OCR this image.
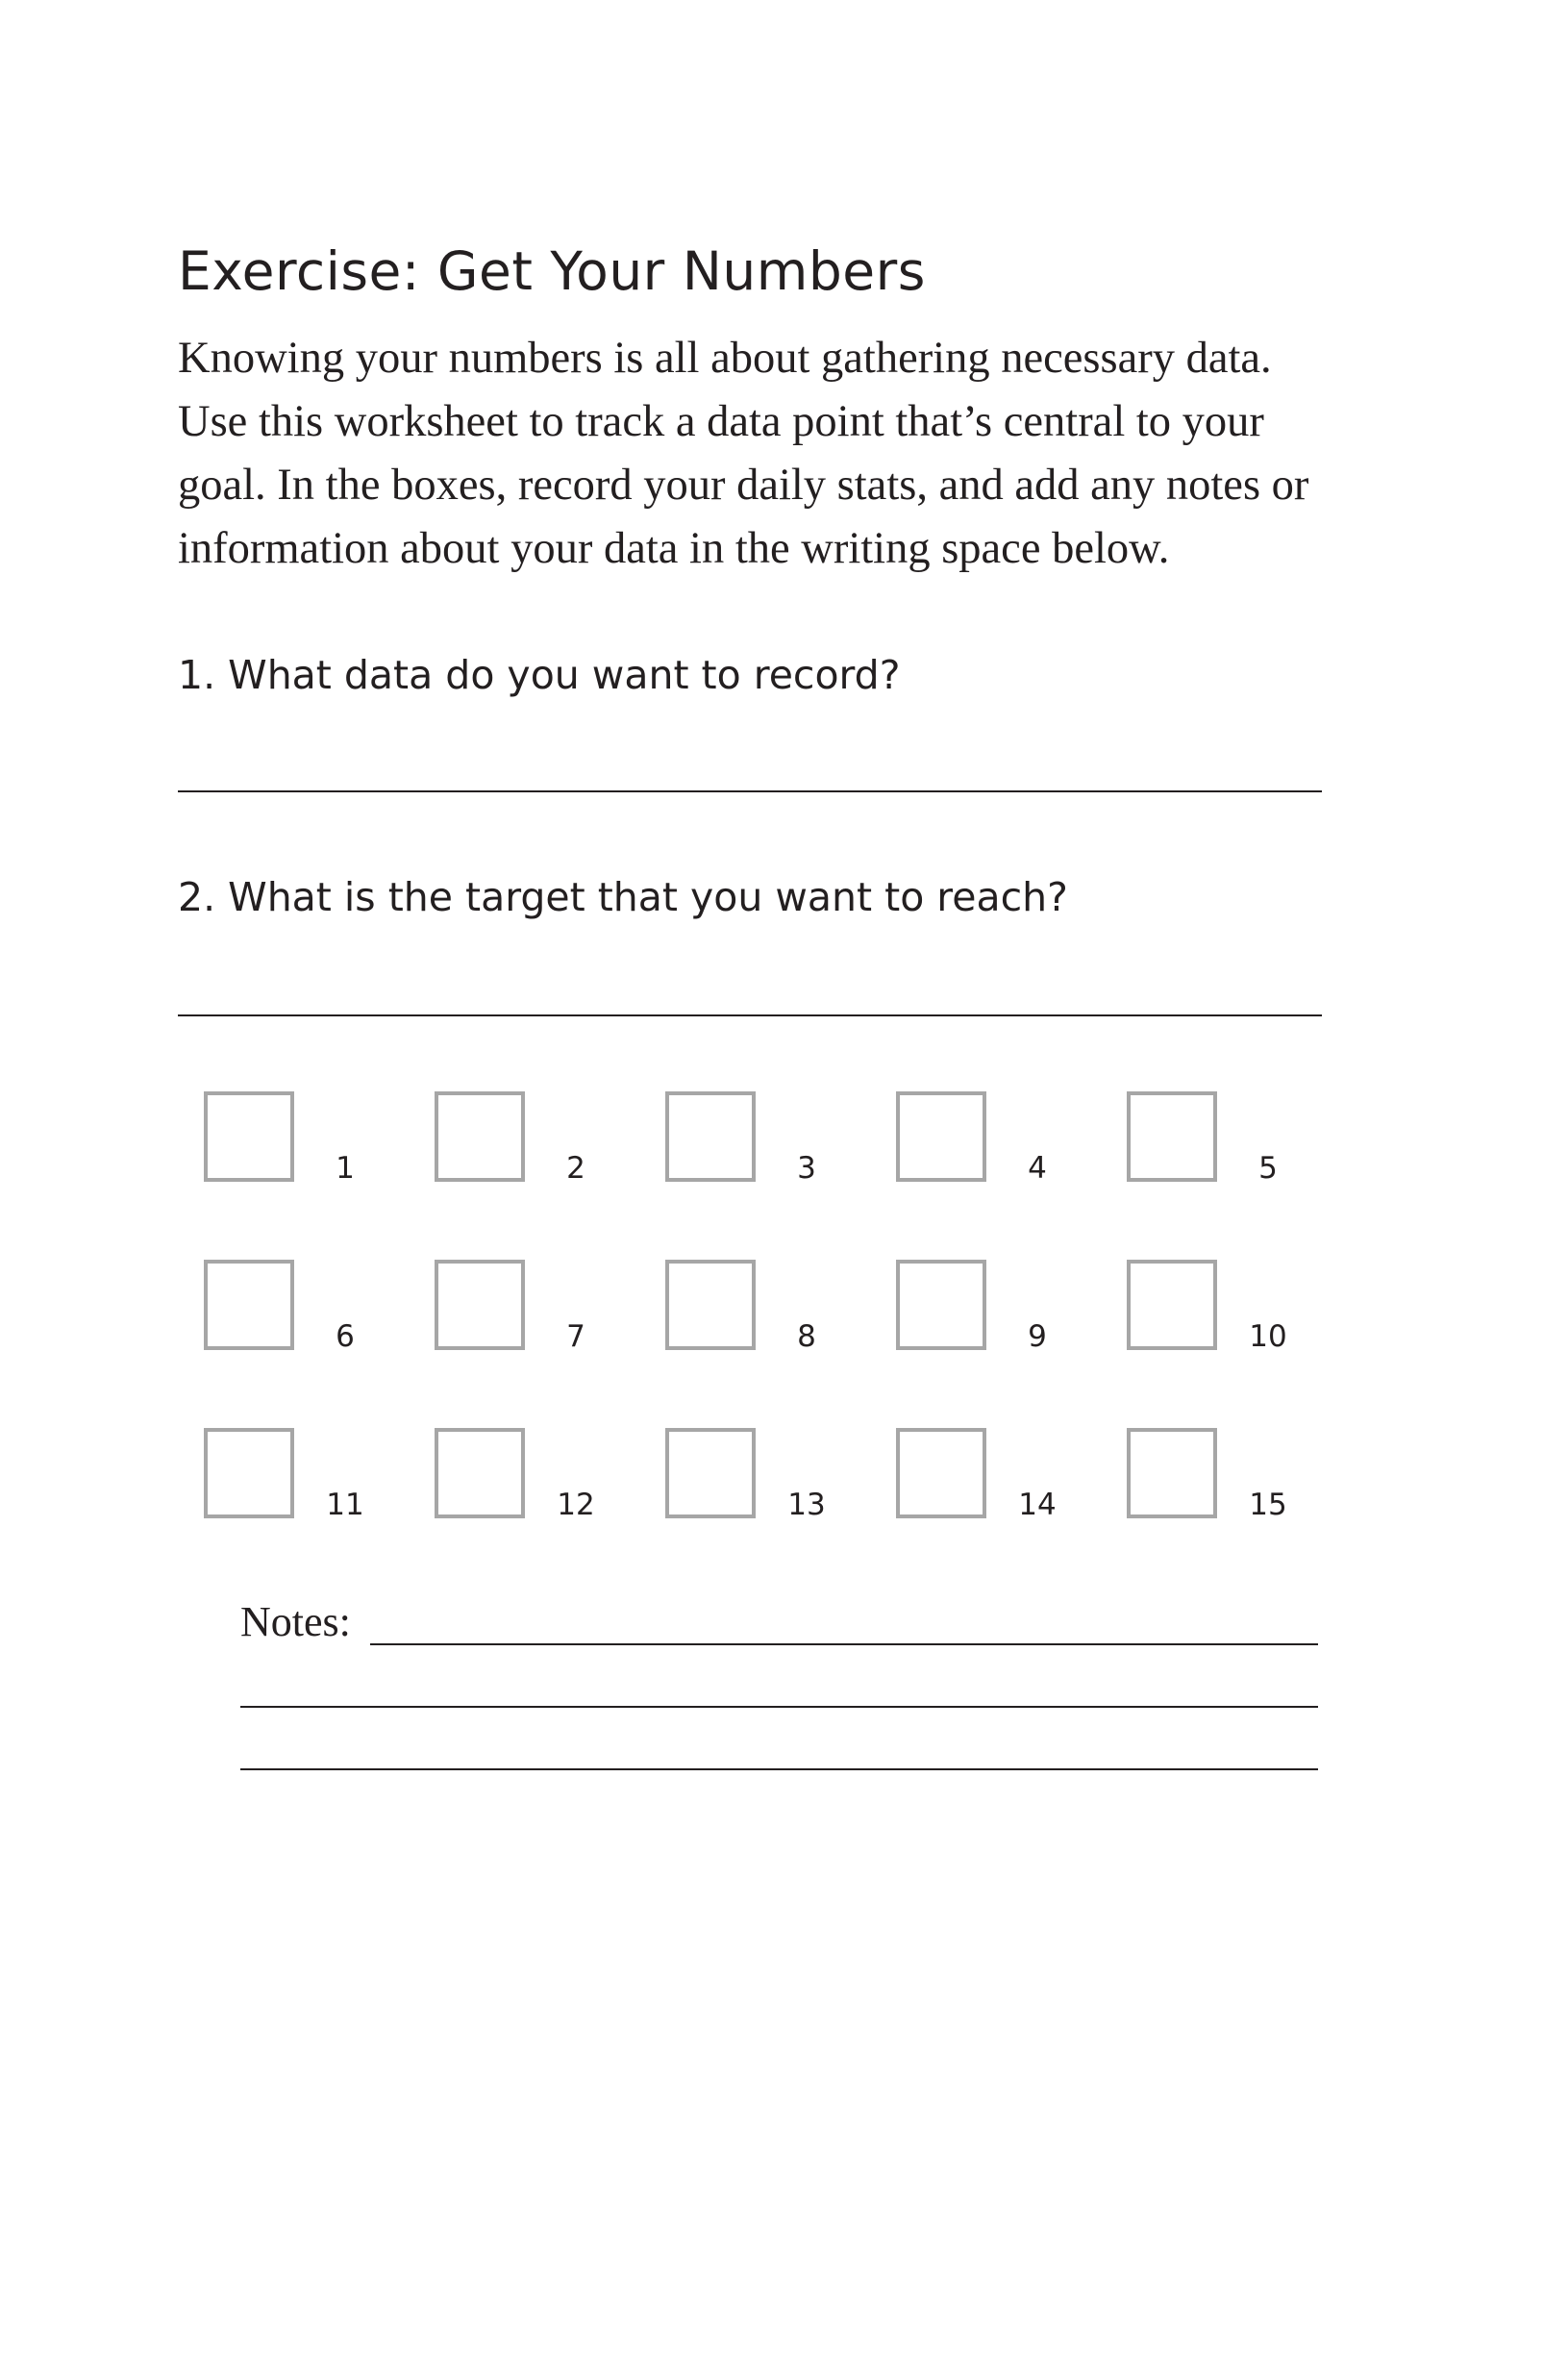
Exercise: Get Your Numbers

Knowing your numbers is all about gathering necessary data. Use this worksheet to track a data point that’s central to your goal. In the boxes, record your daily stats, and add any notes or information about your data in the writing space below.

1. What data do you want to record?

2. What is the target that you want to reach?

1	2	3	4	5
6	7	8	9	10
11	12	13	14	15

Notes:
